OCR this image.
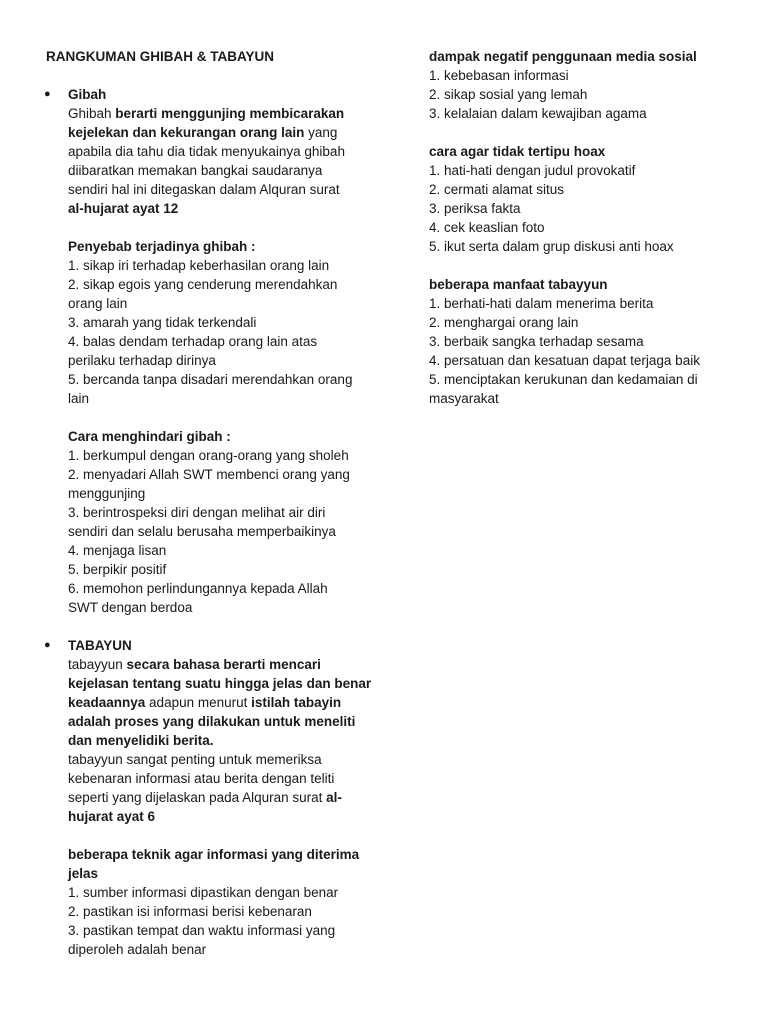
RANGKUMAN GHIBAH & TABAYUN
● Gibah
Ghibah berarti menggunjing membicarakan
kejelekan dan kekurangan orang lain yang
apabila dia tahu dia tidak menyukainya ghibah
diibaratkan memakan bangkai saudaranya
sendiri hal ini ditegaskan dalam Alquran surat
al-hujarat ayat 12
Penyebab terjadinya ghibah :
1. sikap iri terhadap keberhasilan orang lain
2. sikap egois yang cenderung merendahkan
orang lain
3. amarah yang tidak terkendali
4. balas dendam terhadap orang lain atas
perilaku terhadap dirinya
5. bercanda tanpa disadari merendahkan orang
lain
Cara menghindari gibah :
1. berkumpul dengan orang-orang yang sholeh
2. menyadari Allah SWT membenci orang yang
menggunjing
3. berintrospeksi diri dengan melihat air diri
sendiri dan selalu berusaha memperbaikinya
4. menjaga lisan
5. berpikir positif
6. memohon perlindungannya kepada Allah
SWT dengan berdoa
● TABAYUN
tabayyun secara bahasa berarti mencari
kejelasan tentang suatu hingga jelas dan benar
keadaannya adapun menurut istilah tabayin
adalah proses yang dilakukan untuk meneliti
dan menyelidiki berita.
tabayyun sangat penting untuk memeriksa
kebenaran informasi atau berita dengan teliti
seperti yang dijelaskan pada Alquran surat al-
hujarat ayat 6
beberapa teknik agar informasi yang diterima
jelas
1. sumber informasi dipastikan dengan benar
2. pastikan isi informasi berisi kebenaran
3. pastikan tempat dan waktu informasi yang
diperoleh adalah benar
dampak negatif penggunaan media sosial
1. kebebasan informasi
2. sikap sosial yang lemah
3. kelalaian dalam kewajiban agama
cara agar tidak tertipu hoax
1. hati-hati dengan judul provokatif
2. cermati alamat situs
3. periksa fakta
4. cek keaslian foto
5. ikut serta dalam grup diskusi anti hoax
beberapa manfaat tabayyun
1. berhati-hati dalam menerima berita
2. menghargai orang lain
3. berbaik sangka terhadap sesama
4. persatuan dan kesatuan dapat terjaga baik
5. menciptakan kerukunan dan kedamaian di
masyarakat
